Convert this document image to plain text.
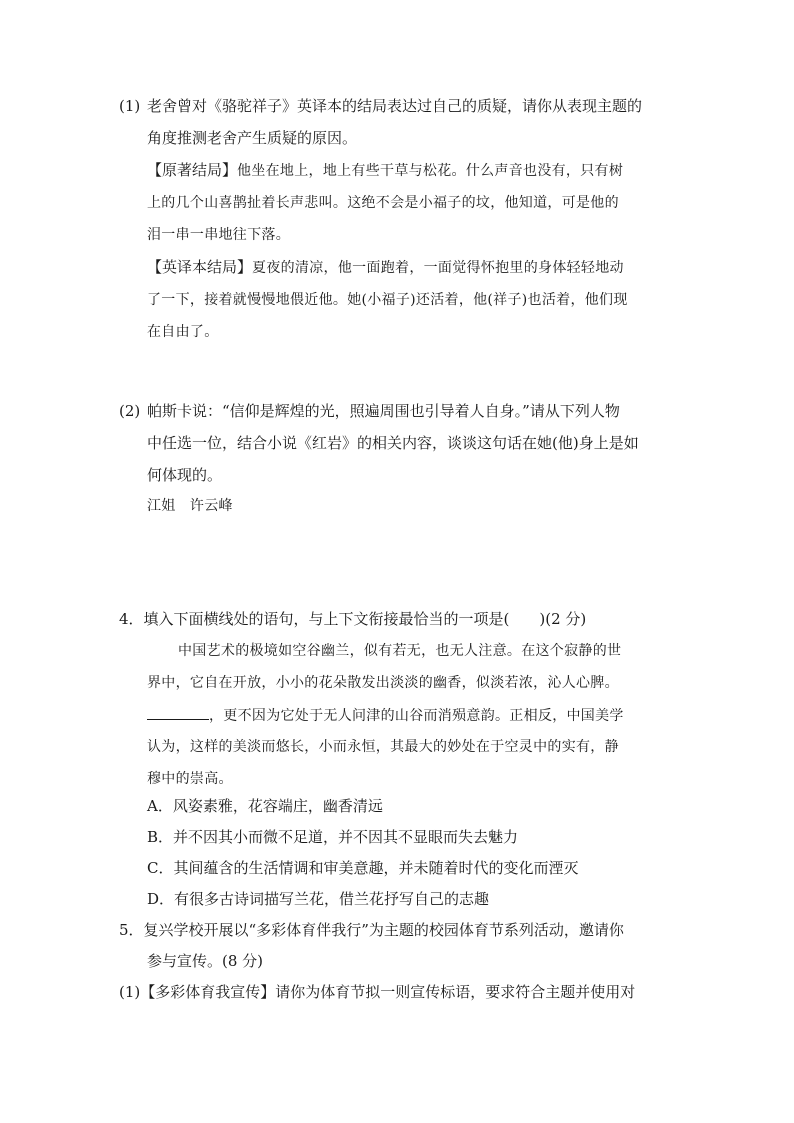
(1) 老舍曾对《骆驼祥子》英译本的结局表达过自己的质疑，请你从表现主题的
角度推测老舍产生质疑的原因。
【原著结局】他坐在地上，地上有些干草与松花。什么声音也没有，只有树
上的几个山喜鹊扯着长声悲叫。这绝不会是小福子的坟，他知道，可是他的
泪一串一串地往下落。
【英译本结局】夏夜的清凉，他一面跑着，一面觉得怀抱里的身体轻轻地动
了一下，接着就慢慢地偎近他。她(小福子)还活着，他(祥子)也活着，他们现
在自由了。
(2) 帕斯卡说：“信仰是辉煌的光，照遍周围也引导着人自身。”请从下列人物
中任选一位，结合小说《红岩》的相关内容，谈谈这句话在她(他)身上是如
何体现的。
江姐　许云峰
4．填入下面横线处的语句，与上下文衔接最恰当的一项是(　　)(2 分)
中国艺术的极境如空谷幽兰，似有若无，也无人注意。在这个寂静的世
界中，它自在开放，小小的花朵散发出淡淡的幽香，似淡若浓，沁人心脾。
，更不因为它处于无人问津的山谷而消殒意韵。正相反，中国美学
认为，这样的美淡而悠长，小而永恒，其最大的妙处在于空灵中的实有，静
穆中的崇高。
A．风姿素雅，花容端庄，幽香清远
B．并不因其小而微不足道，并不因其不显眼而失去魅力
C．其间蕴含的生活情调和审美意趣，并未随着时代的变化而湮灭
D．有很多古诗词描写兰花，借兰花抒写自己的志趣
5．复兴学校开展以“多彩体育伴我行”为主题的校园体育节系列活动，邀请你
参与宣传。(8 分)
(1)【多彩体育我宣传】请你为体育节拟一则宣传标语，要求符合主题并使用对
